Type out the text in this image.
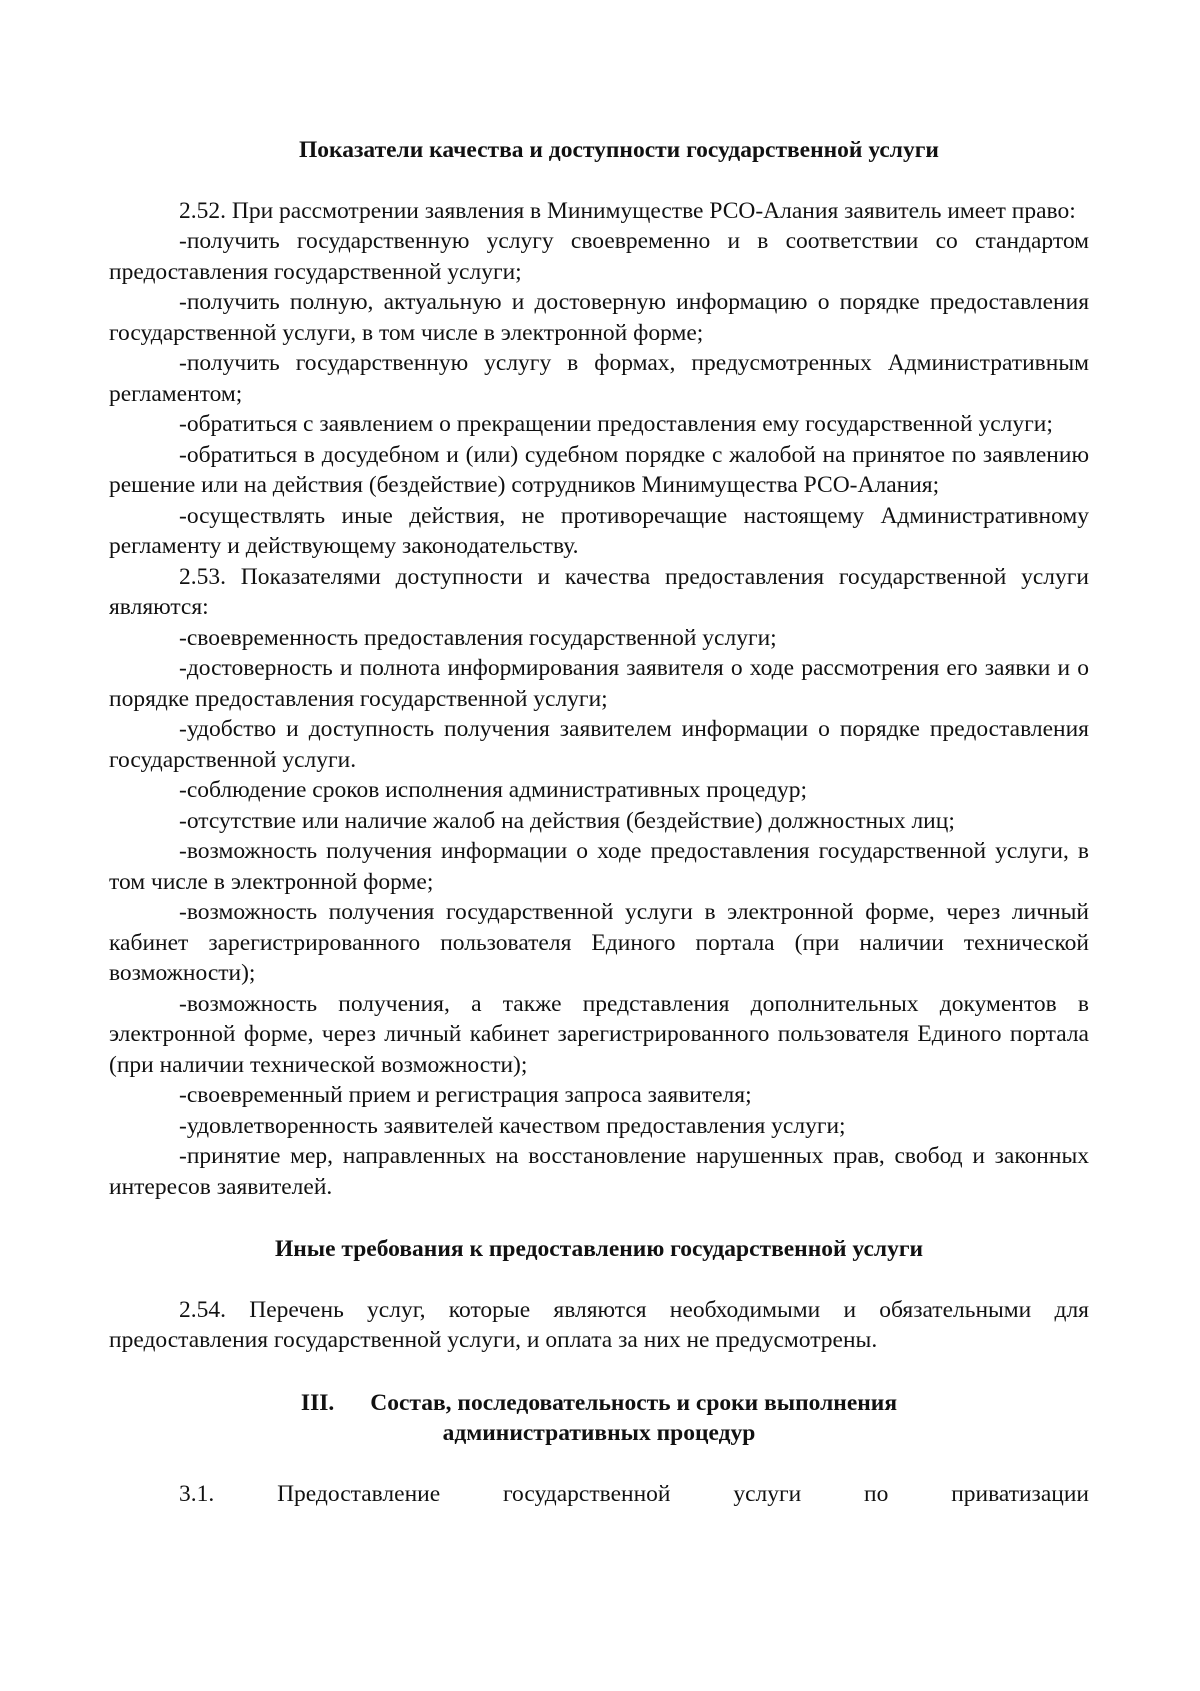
Показатели качества и доступности государственной услуги

2.52. При рассмотрении заявления в Минимуществе РСО-Алания заявитель имеет право:

-получить государственную услугу своевременно и в соответствии со стандартом предоставления государственной услуги;

-получить полную, актуальную и достоверную информацию о порядке предоставления государственной услуги, в том числе в электронной форме;

-получить государственную услугу в формах, предусмотренных Административным регламентом;

-обратиться с заявлением о прекращении предоставления ему государственной услуги;

-обратиться в досудебном и (или) судебном порядке с жалобой на принятое по заявлению решение или на действия (бездействие) сотрудников Минимущества РСО-Алания;

-осуществлять иные действия, не противоречащие настоящему Административному регламенту и действующему законодательству.

2.53. Показателями доступности и качества предоставления государственной услуги являются:

-своевременность предоставления государственной услуги;

-достоверность и полнота информирования заявителя о ходе рассмотрения его заявки и о порядке предоставления государственной услуги;

-удобство и доступность получения заявителем информации о порядке предоставления государственной услуги.

-соблюдение сроков исполнения административных процедур;

-отсутствие или наличие жалоб на действия (бездействие) должностных лиц;

-возможность получения информации о ходе предоставления государственной услуги, в том числе в электронной форме;

-возможность получения государственной услуги в электронной форме, через личный кабинет зарегистрированного пользователя Единого портала (при наличии технической возможности);

-возможность получения, а также представления дополнительных документов в электронной форме, через личный кабинет зарегистрированного пользователя Единого портала (при наличии технической возможности);

-своевременный прием и регистрация запроса заявителя;

-удовлетворенность заявителей качеством предоставления услуги;

-принятие мер, направленных на восстановление нарушенных прав, свобод и законных интересов заявителей.

Иные требования к предоставлению государственной услуги

2.54. Перечень услуг, которые являются необходимыми и обязательными для предоставления государственной услуги, и оплата за них не предусмотрены.

III. Состав, последовательность и сроки выполнения
административных процедур

3.1. Предоставление государственной услуги по приватизации
